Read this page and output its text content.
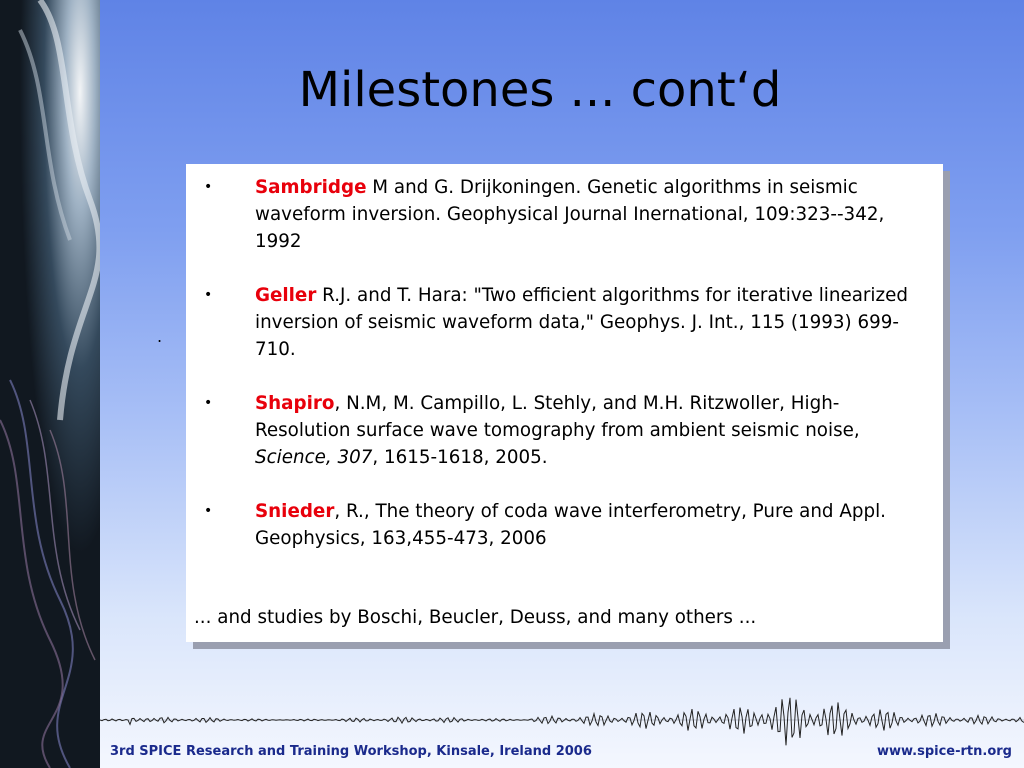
Milestones ... cont‘d
.
• Sambridge M and G. Drijkoningen. Genetic algorithms in seismic waveform inversion. Geophysical Journal Inernational, 109:323--342, 1992
• Geller R.J. and T. Hara: "Two efficient algorithms for iterative linearized inversion of seismic waveform data," Geophys. J. Int., 115 (1993) 699-710.
• Shapiro, N.M, M. Campillo, L. Stehly, and M.H. Ritzwoller, High-Resolution surface wave tomography from ambient seismic noise, Science, 307, 1615-1618, 2005.
• Snieder, R., The theory of coda wave interferometry, Pure and Appl. Geophysics, 163,455-473, 2006
... and studies by Boschi, Beucler, Deuss, and many others ...
3rd SPICE Research and Training Workshop, Kinsale, Ireland 2006	www.spice-rtn.org
